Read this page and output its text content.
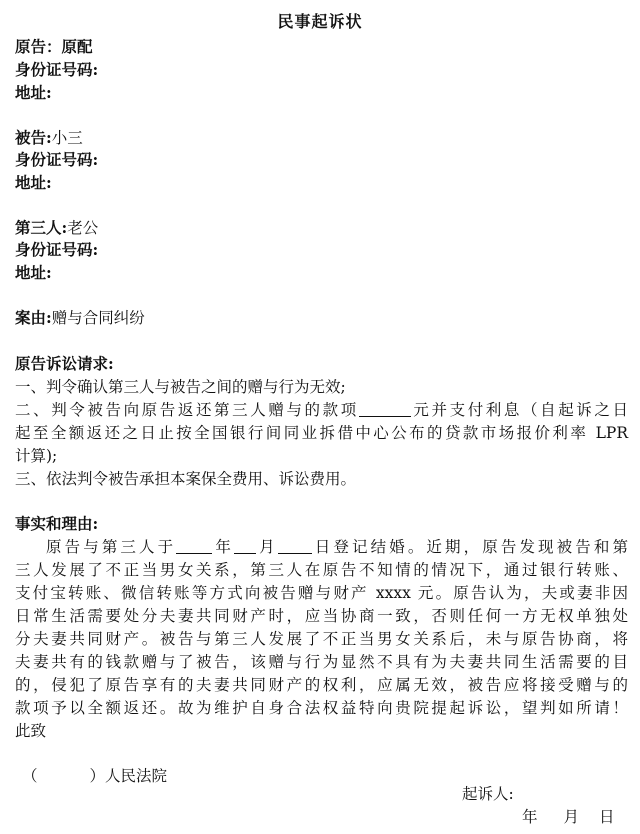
民事起诉状
原告：原配
身份证号码:
地址:
被告:小三
身份证号码:
地址:
第三人:老公
身份证号码:
地址:
案由:赠与合同纠纷
原告诉讼请求:
一、判令确认第三人与被告之间的赠与行为无效;
二、判令被告向原告返还第三人赠与的款项	元并支付利息（自起诉之日
起至全额返还之日止按全国银行间同业拆借中心公布的贷款市场报价利率 LPR
计算);
三、依法判令被告承担本案保全费用、诉讼费用。
事实和理由:
原告与第三人于 年 月 日登记结婚。近期，原告发现被告和第
三人发展了不正当男女关系，第三人在原告不知情的情况下，通过银行转账、
支付宝转账、微信转账等方式向被告赠与财产 xxxx 元。原告认为，夫或妻非因
日常生活需要处分夫妻共同财产时，应当协商一致，否则任何一方无权单独处
分夫妻共同财产。被告与第三人发展了不正当男女关系后，未与原告协商，将
夫妻共有的钱款赠与了被告，该赠与行为显然不具有为夫妻共同生活需要的目
的，侵犯了原告享有的夫妻共同财产的权利，应属无效，被告应将接受赠与的
款项予以全额返还。故为维护自身合法权益特向贵院提起诉讼，望判如所请！
此致
（	）人民法院
起诉人:
年 月 日
